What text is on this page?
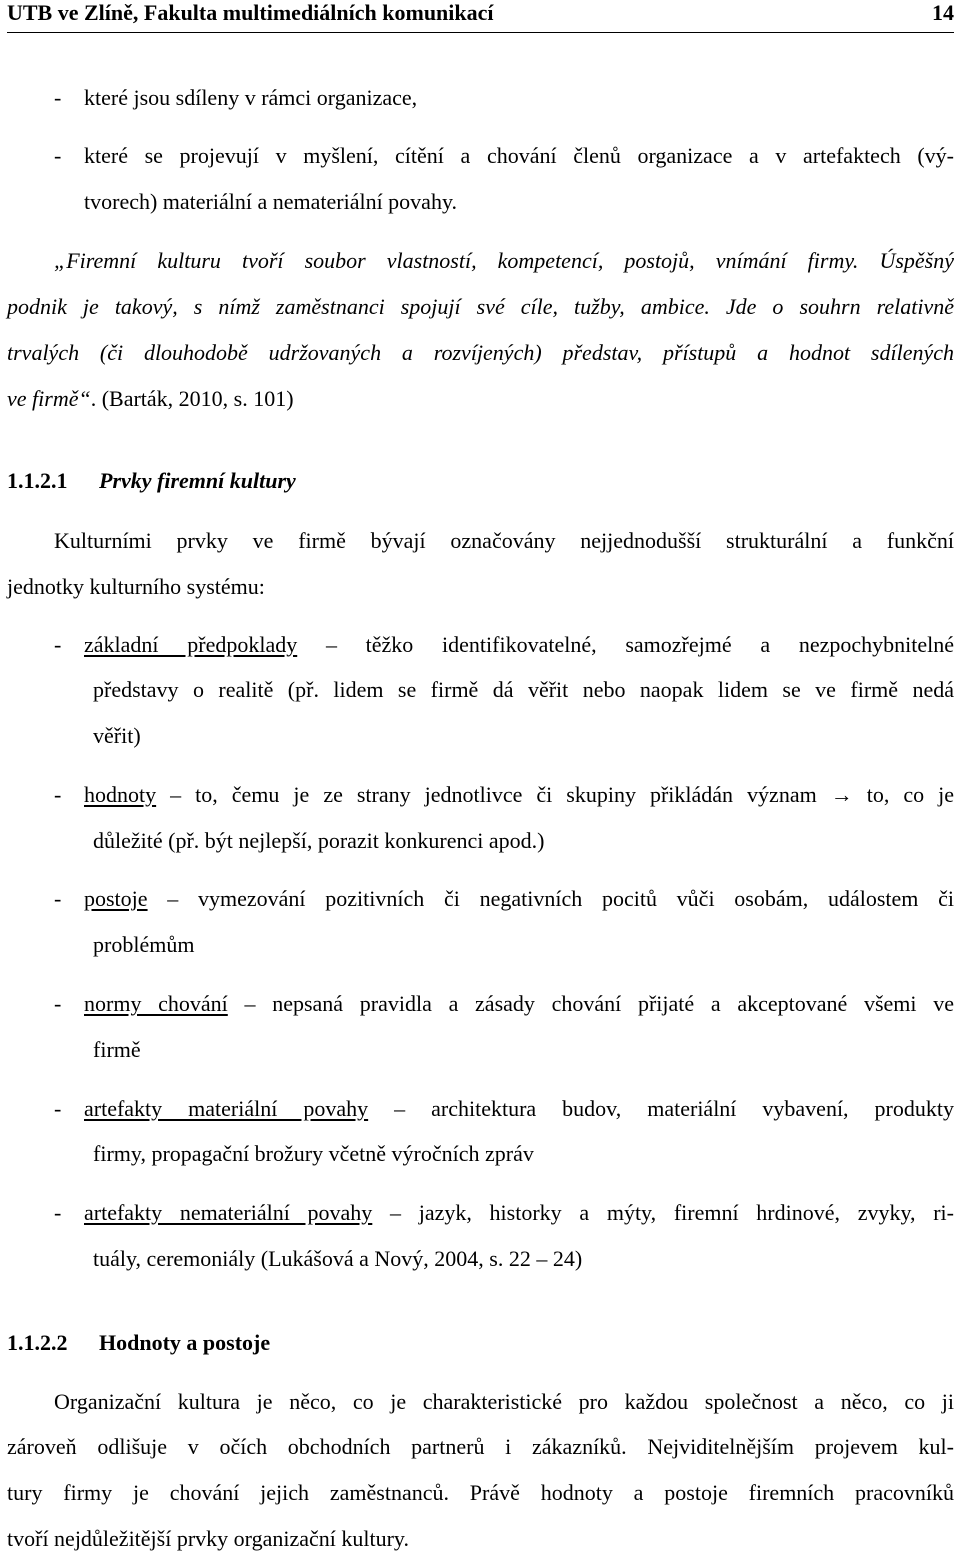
UTB ve Zlíně, Fakulta multimediálních komunikací	14
- které jsou sdíleny v rámci organizace,
- které se projevují v myšlení, cítění a chování členů organizace a v artefaktech (vý-
tvorech) materiální a nemateriální povahy.
„Firemní kulturu tvoří soubor vlastností, kompetencí, postojů, vnímání firmy. Úspěšný
podnik je takový, s nímž zaměstnanci spojují své cíle, tužby, ambice. Jde o souhrn relativně
trvalých (či dlouhodobě udržovaných a rozvíjených) představ, přístupů a hodnot sdílených
ve firmě“. (Barták, 2010, s. 101)
1.1.2.1 Prvky firemní kultury
Kulturními prvky ve firmě bývají označovány nejjednodušší strukturální a funkční
jednotky kulturního systému:
- základní předpoklady – těžko identifikovatelné, samozřejmé a nezpochybnitelné
představy o realitě (př. lidem se firmě dá věřit nebo naopak lidem se ve firmě nedá
věřit)
- hodnoty – to, čemu je ze strany jednotlivce či skupiny přikládán význam → to, co je
důležité (př. být nejlepší, porazit konkurenci apod.)
- postoje – vymezování pozitivních či negativních pocitů vůči osobám, událostem či
problémům
- normy chování – nepsaná pravidla a zásady chování přijaté a akceptované všemi ve
firmě
- artefakty materiální povahy – architektura budov, materiální vybavení, produkty
firmy, propagační brožury včetně výročních zpráv
- artefakty nemateriální povahy – jazyk, historky a mýty, firemní hrdinové, zvyky, ri-
tuály, ceremoniály (Lukášová a Nový, 2004, s. 22 – 24)
1.1.2.2 Hodnoty a postoje
Organizační kultura je něco, co je charakteristické pro každou společnost a něco, co ji
zároveň odlišuje v očích obchodních partnerů i zákazníků. Nejviditelnějším projevem kul-
tury firmy je chování jejich zaměstnanců. Právě hodnoty a postoje firemních pracovníků
tvoří nejdůležitější prvky organizační kultury.
